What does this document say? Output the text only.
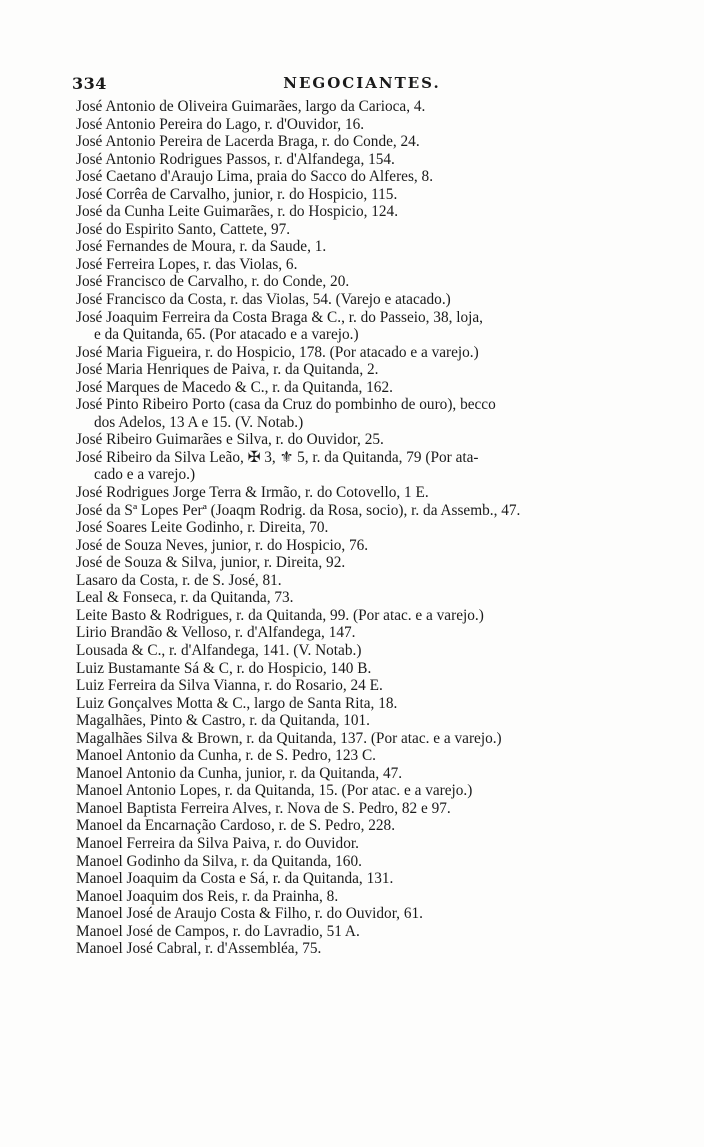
334	NEGOCIANTES.
José Antonio de Oliveira Guimarães, largo da Carioca, 4.
José Antonio Pereira do Lago, r. d'Ouvidor, 16.
José Antonio Pereira de Lacerda Braga, r. do Conde, 24.
José Antonio Rodrigues Passos, r. d'Alfandega, 154.
José Caetano d'Araujo Lima, praia do Sacco do Alferes, 8.
José Corrêa de Carvalho, junior, r. do Hospicio, 115.
José da Cunha Leite Guimarães, r. do Hospicio, 124.
José do Espirito Santo, Cattete, 97.
José Fernandes de Moura, r. da Saude, 1.
José Ferreira Lopes, r. das Violas, 6.
José Francisco de Carvalho, r. do Conde, 20.
José Francisco da Costa, r. das Violas, 54. (Varejo e atacado.)
José Joaquim Ferreira da Costa Braga & C., r. do Passeio, 38, loja,
e da Quitanda, 65. (Por atacado e a varejo.)
José Maria Figueira, r. do Hospicio, 178. (Por atacado e a varejo.)
José Maria Henriques de Paiva, r. da Quitanda, 2.
José Marques de Macedo & C., r. da Quitanda, 162.
José Pinto Ribeiro Porto (casa da Cruz do pombinho de ouro), becco
dos Adelos, 13 A e 15. (V. Notab.)
José Ribeiro Guimarães e Silva, r. do Ouvidor, 25.
José Ribeiro da Silva Leão, ✠ 3, ⚜ 5, r. da Quitanda, 79 (Por ata-
cado e a varejo.)
José Rodrigues Jorge Terra & Irmão, r. do Cotovello, 1 E.
José da Sª Lopes Perª (Joaqm Rodrig. da Rosa, socio), r. da Assemb., 47.
José Soares Leite Godinho, r. Direita, 70.
José de Souza Neves, junior, r. do Hospicio, 76.
José de Souza & Silva, junior, r. Direita, 92.
Lasaro da Costa, r. de S. José, 81.
Leal & Fonseca, r. da Quitanda, 73.
Leite Basto & Rodrigues, r. da Quitanda, 99. (Por atac. e a varejo.)
Lirio Brandão & Velloso, r. d'Alfandega, 147.
Lousada & C., r. d'Alfandega, 141. (V. Notab.)
Luiz Bustamante Sá & C, r. do Hospicio, 140 B.
Luiz Ferreira da Silva Vianna, r. do Rosario, 24 E.
Luiz Gonçalves Motta & C., largo de Santa Rita, 18.
Magalhães, Pinto & Castro, r. da Quitanda, 101.
Magalhães Silva & Brown, r. da Quitanda, 137. (Por atac. e a varejo.)
Manoel Antonio da Cunha, r. de S. Pedro, 123 C.
Manoel Antonio da Cunha, junior, r. da Quitanda, 47.
Manoel Antonio Lopes, r. da Quitanda, 15. (Por atac. e a varejo.)
Manoel Baptista Ferreira Alves, r. Nova de S. Pedro, 82 e 97.
Manoel da Encarnação Cardoso, r. de S. Pedro, 228.
Manoel Ferreira da Silva Paiva, r. do Ouvidor.
Manoel Godinho da Silva, r. da Quitanda, 160.
Manoel Joaquim da Costa e Sá, r. da Quitanda, 131.
Manoel Joaquim dos Reis, r. da Prainha, 8.
Manoel José de Araujo Costa & Filho, r. do Ouvidor, 61.
Manoel José de Campos, r. do Lavradio, 51 A.
Manoel José Cabral, r. d'Assembléa, 75.
